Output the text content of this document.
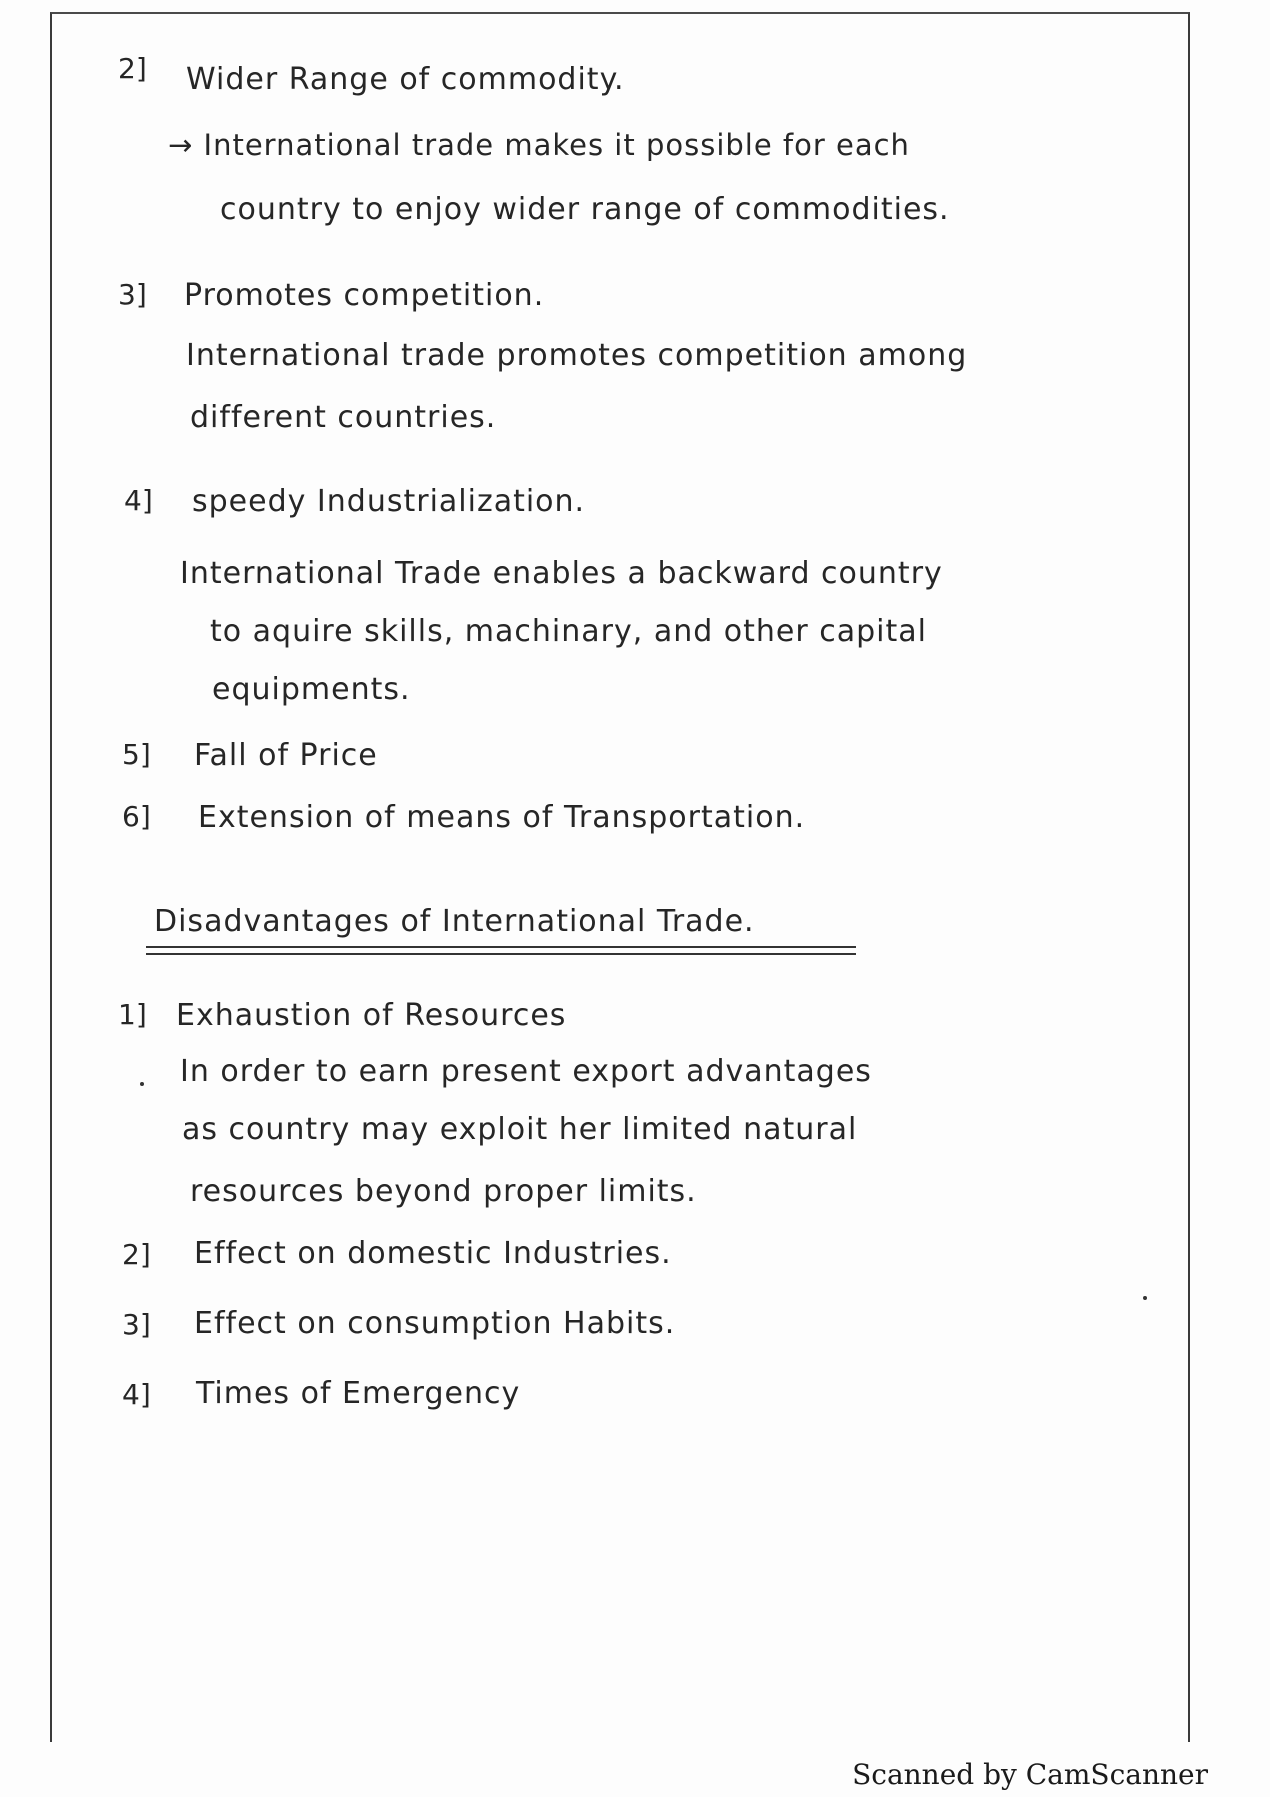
2] Wider Range of commodity.
→ International trade makes it possible for each
country to enjoy wider range of commodities.
3] Promotes competition.
International trade promotes competition among
different countries.
4] speedy Industrialization.
International Trade enables a backward country
to aquire skills, machinary, and other capital
equipments.
5] Fall of Price
6] Extension of means of Transportation.
Disadvantages of International Trade.
1] Exhaustion of Resources
In order to earn present export advantages
as country may exploit her limited natural
resources beyond proper limits.
2] Effect on domestic Industries.
3] Effect on consumption Habits.
4] Times of Emergency
Scanned by CamScanner
